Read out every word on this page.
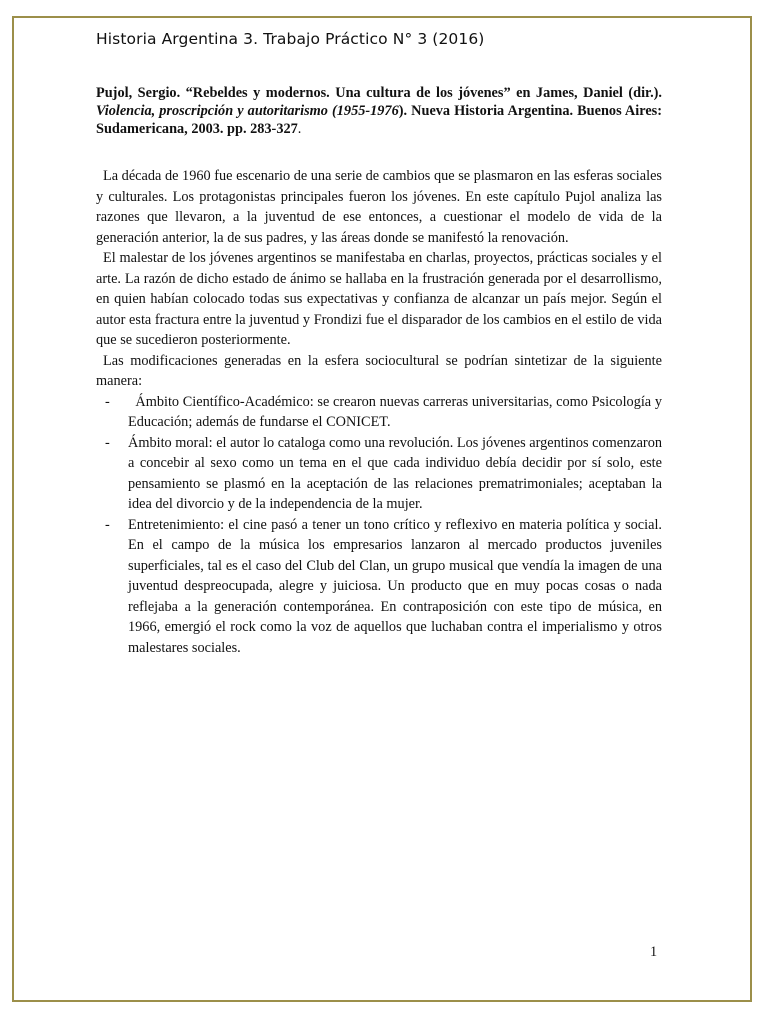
Historia Argentina 3. Trabajo Práctico N° 3 (2016)

Pujol, Sergio. “Rebeldes y modernos. Una cultura de los jóvenes” en James, Daniel (dir.). Violencia, proscripción y autoritarismo (1955-1976). Nueva Historia Argentina. Buenos Aires: Sudamericana, 2003. pp. 283-327.

La década de 1960 fue escenario de una serie de cambios que se plasmaron en las esferas sociales y culturales. Los protagonistas principales fueron los jóvenes. En este capítulo Pujol analiza las razones que llevaron, a la juventud de ese entonces, a cuestionar el modelo de vida de la generación anterior, la de sus padres, y las áreas donde se manifestó la renovación.

El malestar de los jóvenes argentinos se manifestaba en charlas, proyectos, prácticas sociales y el arte. La razón de dicho estado de ánimo se hallaba en la frustración generada por el desarrollismo, en quien habían colocado todas sus expectativas y confianza de alcanzar un país mejor. Según el autor esta fractura entre la juventud y Frondizi fue el disparador de los cambios en el estilo de vida que se sucedieron posteriormente.

Las modificaciones generadas en la esfera sociocultural se podrían sintetizar de la siguiente manera:

- Ámbito Científico-Académico: se crearon nuevas carreras universitarias, como Psicología y Educación; además de fundarse el CONICET.
- Ámbito moral: el autor lo cataloga como una revolución. Los jóvenes argentinos comenzaron a concebir al sexo como un tema en el que cada individuo debía decidir por sí solo, este pensamiento se plasmó en la aceptación de las relaciones prematrimoniales; aceptaban la idea del divorcio y de la independencia de la mujer.
- Entretenimiento: el cine pasó a tener un tono crítico y reflexivo en materia política y social. En el campo de la música los empresarios lanzaron al mercado productos juveniles superficiales, tal es el caso del Club del Clan, un grupo musical que vendía la imagen de una juventud despreocupada, alegre y juiciosa. Un producto que en muy pocas cosas o nada reflejaba a la generación contemporánea. En contraposición con este tipo de música, en 1966, emergió el rock como la voz de aquellos que luchaban contra el imperialismo y otros malestares sociales.
1
